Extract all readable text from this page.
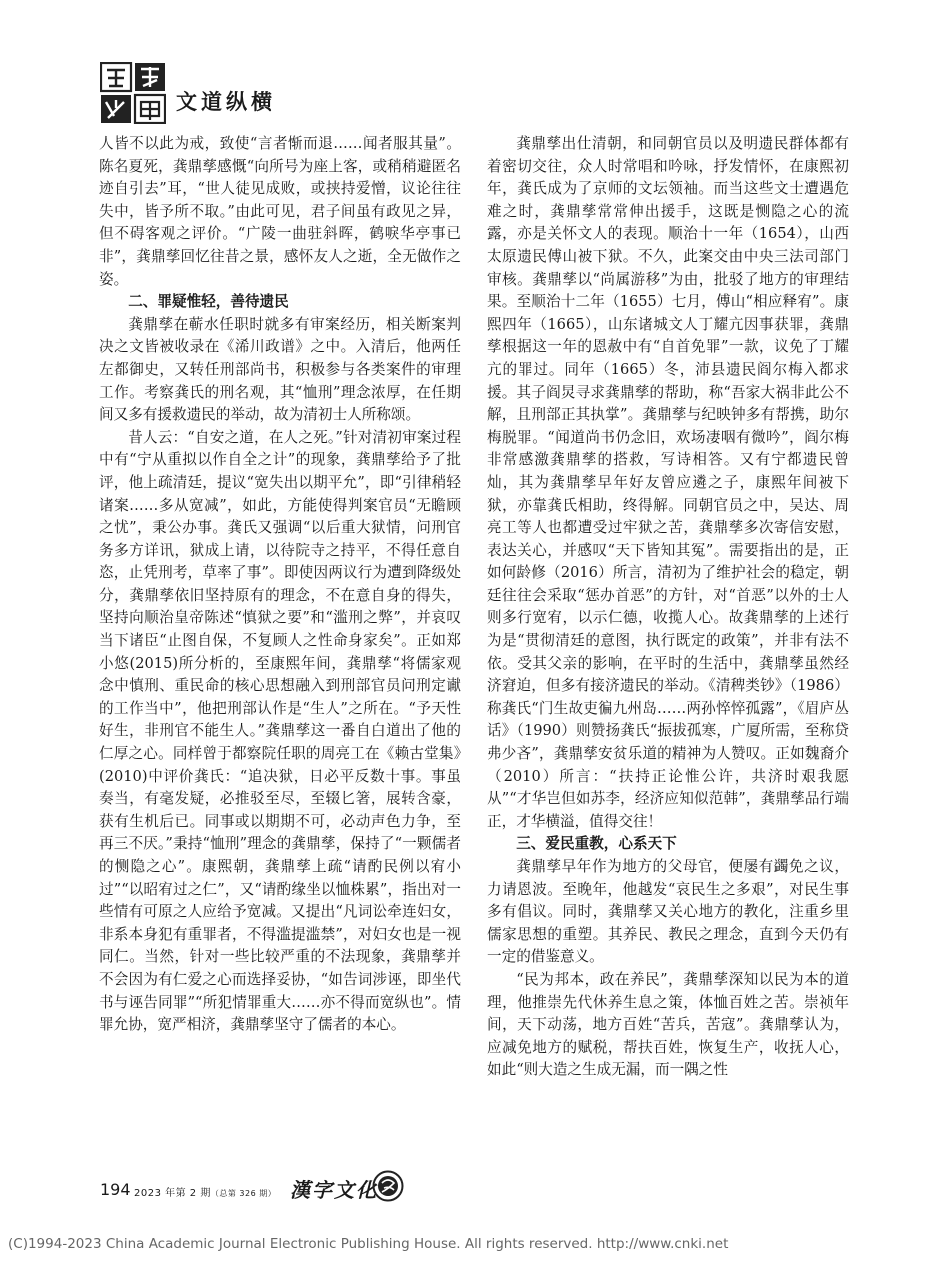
文道纵横

人皆不以此为戒，致使“言者惭而退……闻者服其量”。陈名夏死，龚鼎孳感慨“向所号为座上客，或稍稍避匿名迹自引去”耳，“世人徒见成败，或挟持爱憎，议论往往失中，皆予所不取。”由此可见，君子间虽有政见之异，但不碍客观之评价。“广陵一曲驻斜晖，鹤唳华亭事已非”，龚鼎孳回忆往昔之景，感怀友人之逝，全无做作之姿。

二、罪疑惟轻，善待遗民

龚鼎孳在蕲水任职时就多有审案经历，相关断案判决之文皆被收录在《浠川政谱》之中。入清后，他两任左都御史，又转任刑部尚书，积极参与各类案件的审理工作。考察龚氏的刑名观，其“恤刑”理念浓厚，在任期间又多有援救遗民的举动，故为清初士人所称颂。

昔人云：“自安之道，在人之死。”针对清初审案过程中有“宁从重拟以作自全之计”的现象，龚鼎孳给予了批评，他上疏清廷，提议“宽失出以期平允”，即“引律稍轻诸案……多从宽减”，如此，方能使得判案官员“无瞻顾之忧”，秉公办事。龚氏又强调“以后重大狱情，问刑官务多方详讯，狱成上请，以待院寺之持平，不得任意自恣，止凭刑考，草率了事”。即使因两议行为遭到降级处分，龚鼎孳依旧坚持原有的理念，不在意自身的得失，坚持向顺治皇帝陈述“慎狱之要”和“滥刑之弊”，并哀叹当下诸臣“止图自保，不复顾人之性命身家矣”。正如郑小悠(2015)所分析的，至康熙年间，龚鼎孳“将儒家观念中慎刑、重民命的核心思想融入到刑部官员问刑定谳的工作当中”，他把刑部认作是“生人”之所在。“予天性好生，非刑官不能生人。”龚鼎孳这一番自白道出了他的仁厚之心。同样曾于都察院任职的周亮工在《赖古堂集》(2010)中评价龚氏：“追决狱，日必平反数十事。事虽奏当，有毫发疑，必推驳至尽，至辍匕箸，展转含豪，获有生机后已。同事或以期期不可，必动声色力争，至再三不厌。”秉持“恤刑”理念的龚鼎孳，保持了“一颗儒者的恻隐之心”。康熙朝，龚鼎孳上疏“请酌民例以宥小过”“以昭宥过之仁”，又“请酌缘坐以恤株累”，指出对一些情有可原之人应给予宽减。又提出“凡词讼牵连妇女，非系本身犯有重罪者，不得滥提滥禁”，对妇女也是一视同仁。当然，针对一些比较严重的不法现象，龚鼎孳并不会因为有仁爱之心而选择妥协，“如告词涉诬，即坐代书与诬告同罪”“所犯情罪重大……亦不得而宽纵也”。情罪允协，宽严相济，龚鼎孳坚守了儒者的本心。

龚鼎孳出仕清朝，和同朝官员以及明遗民群体都有着密切交往，众人时常唱和吟咏，抒发情怀，在康熙初年，龚氏成为了京师的文坛领袖。而当这些文士遭遇危难之时，龚鼎孳常常伸出援手，这既是恻隐之心的流露，亦是关怀文人的表现。顺治十一年（1654），山西太原遗民傅山被下狱。不久，此案交由中央三法司部门审核。龚鼎孳以“尚属游移”为由，批驳了地方的审理结果。至顺治十二年（1655）七月，傅山“相应释宥”。康熙四年（1665），山东诸城文人丁耀亢因事获罪，龚鼎孳根据这一年的恩赦中有“自首免罪”一款，议免了丁耀亢的罪过。同年（1665）冬，沛县遗民阎尔梅入都求援。其子阎炅寻求龚鼎孳的帮助，称“吾家大祸非此公不解，且刑部正其执掌”。龚鼎孳与纪映钟多有帮携，助尔梅脱罪。“闻道尚书仍念旧，欢场凄咽有微吟”，阎尔梅非常感激龚鼎孳的搭救，写诗相答。又有宁都遗民曾灿，其为龚鼎孳早年好友曾应遴之子，康熙年间被下狱，亦靠龚氏相助，终得解。同朝官员之中，吴达、周亮工等人也都遭受过牢狱之苦，龚鼎孳多次寄信安慰，表达关心，并感叹“天下皆知其冤”。需要指出的是，正如何龄修（2016）所言，清初为了维护社会的稳定，朝廷往往会采取“惩办首恶”的方针，对“首恶”以外的士人则多行宽宥，以示仁德，收揽人心。故龚鼎孳的上述行为是“贯彻清廷的意图，执行既定的政策”，并非有法不依。受其父亲的影响，在平时的生活中，龚鼎孳虽然经济窘迫，但多有接济遗民的举动。《清稗类钞》（1986）称龚氏“门生故吏徧九州岛……两孙悴悴孤露”，《眉庐丛话》（1990）则赞扬龚氏“振拔孤寒，广厦所需，至称贷弗少吝”，龚鼎孳安贫乐道的精神为人赞叹。正如魏裔介（2010）所言：“扶持正论惟公许，共济时艰我愿从”“才华岂但如苏李，经济应知似范韩”，龚鼎孳品行端正，才华横溢，值得交往！

三、爱民重教，心系天下

龚鼎孳早年作为地方的父母官，便屡有蠲免之议，力请恩波。至晚年，他越发“哀民生之多艰”，对民生事多有倡议。同时，龚鼎孳又关心地方的教化，注重乡里儒家思想的重塑。其养民、教民之理念，直到今天仍有一定的借鉴意义。

“民为邦本，政在养民”，龚鼎孳深知以民为本的道理，他推崇先代休养生息之策，体恤百姓之苦。崇祯年间，天下动荡，地方百姓“苦兵，苦寇”。龚鼎孳认为，应减免地方的赋税，帮扶百姓，恢复生产，收抚人心，如此“则大造之生成无漏，而一隅之性

194 2023 年第 2 期（总第 326 期） 漢字文化
(C)1994-2023 China Academic Journal Electronic Publishing House. All rights reserved. http://www.cnki.net
